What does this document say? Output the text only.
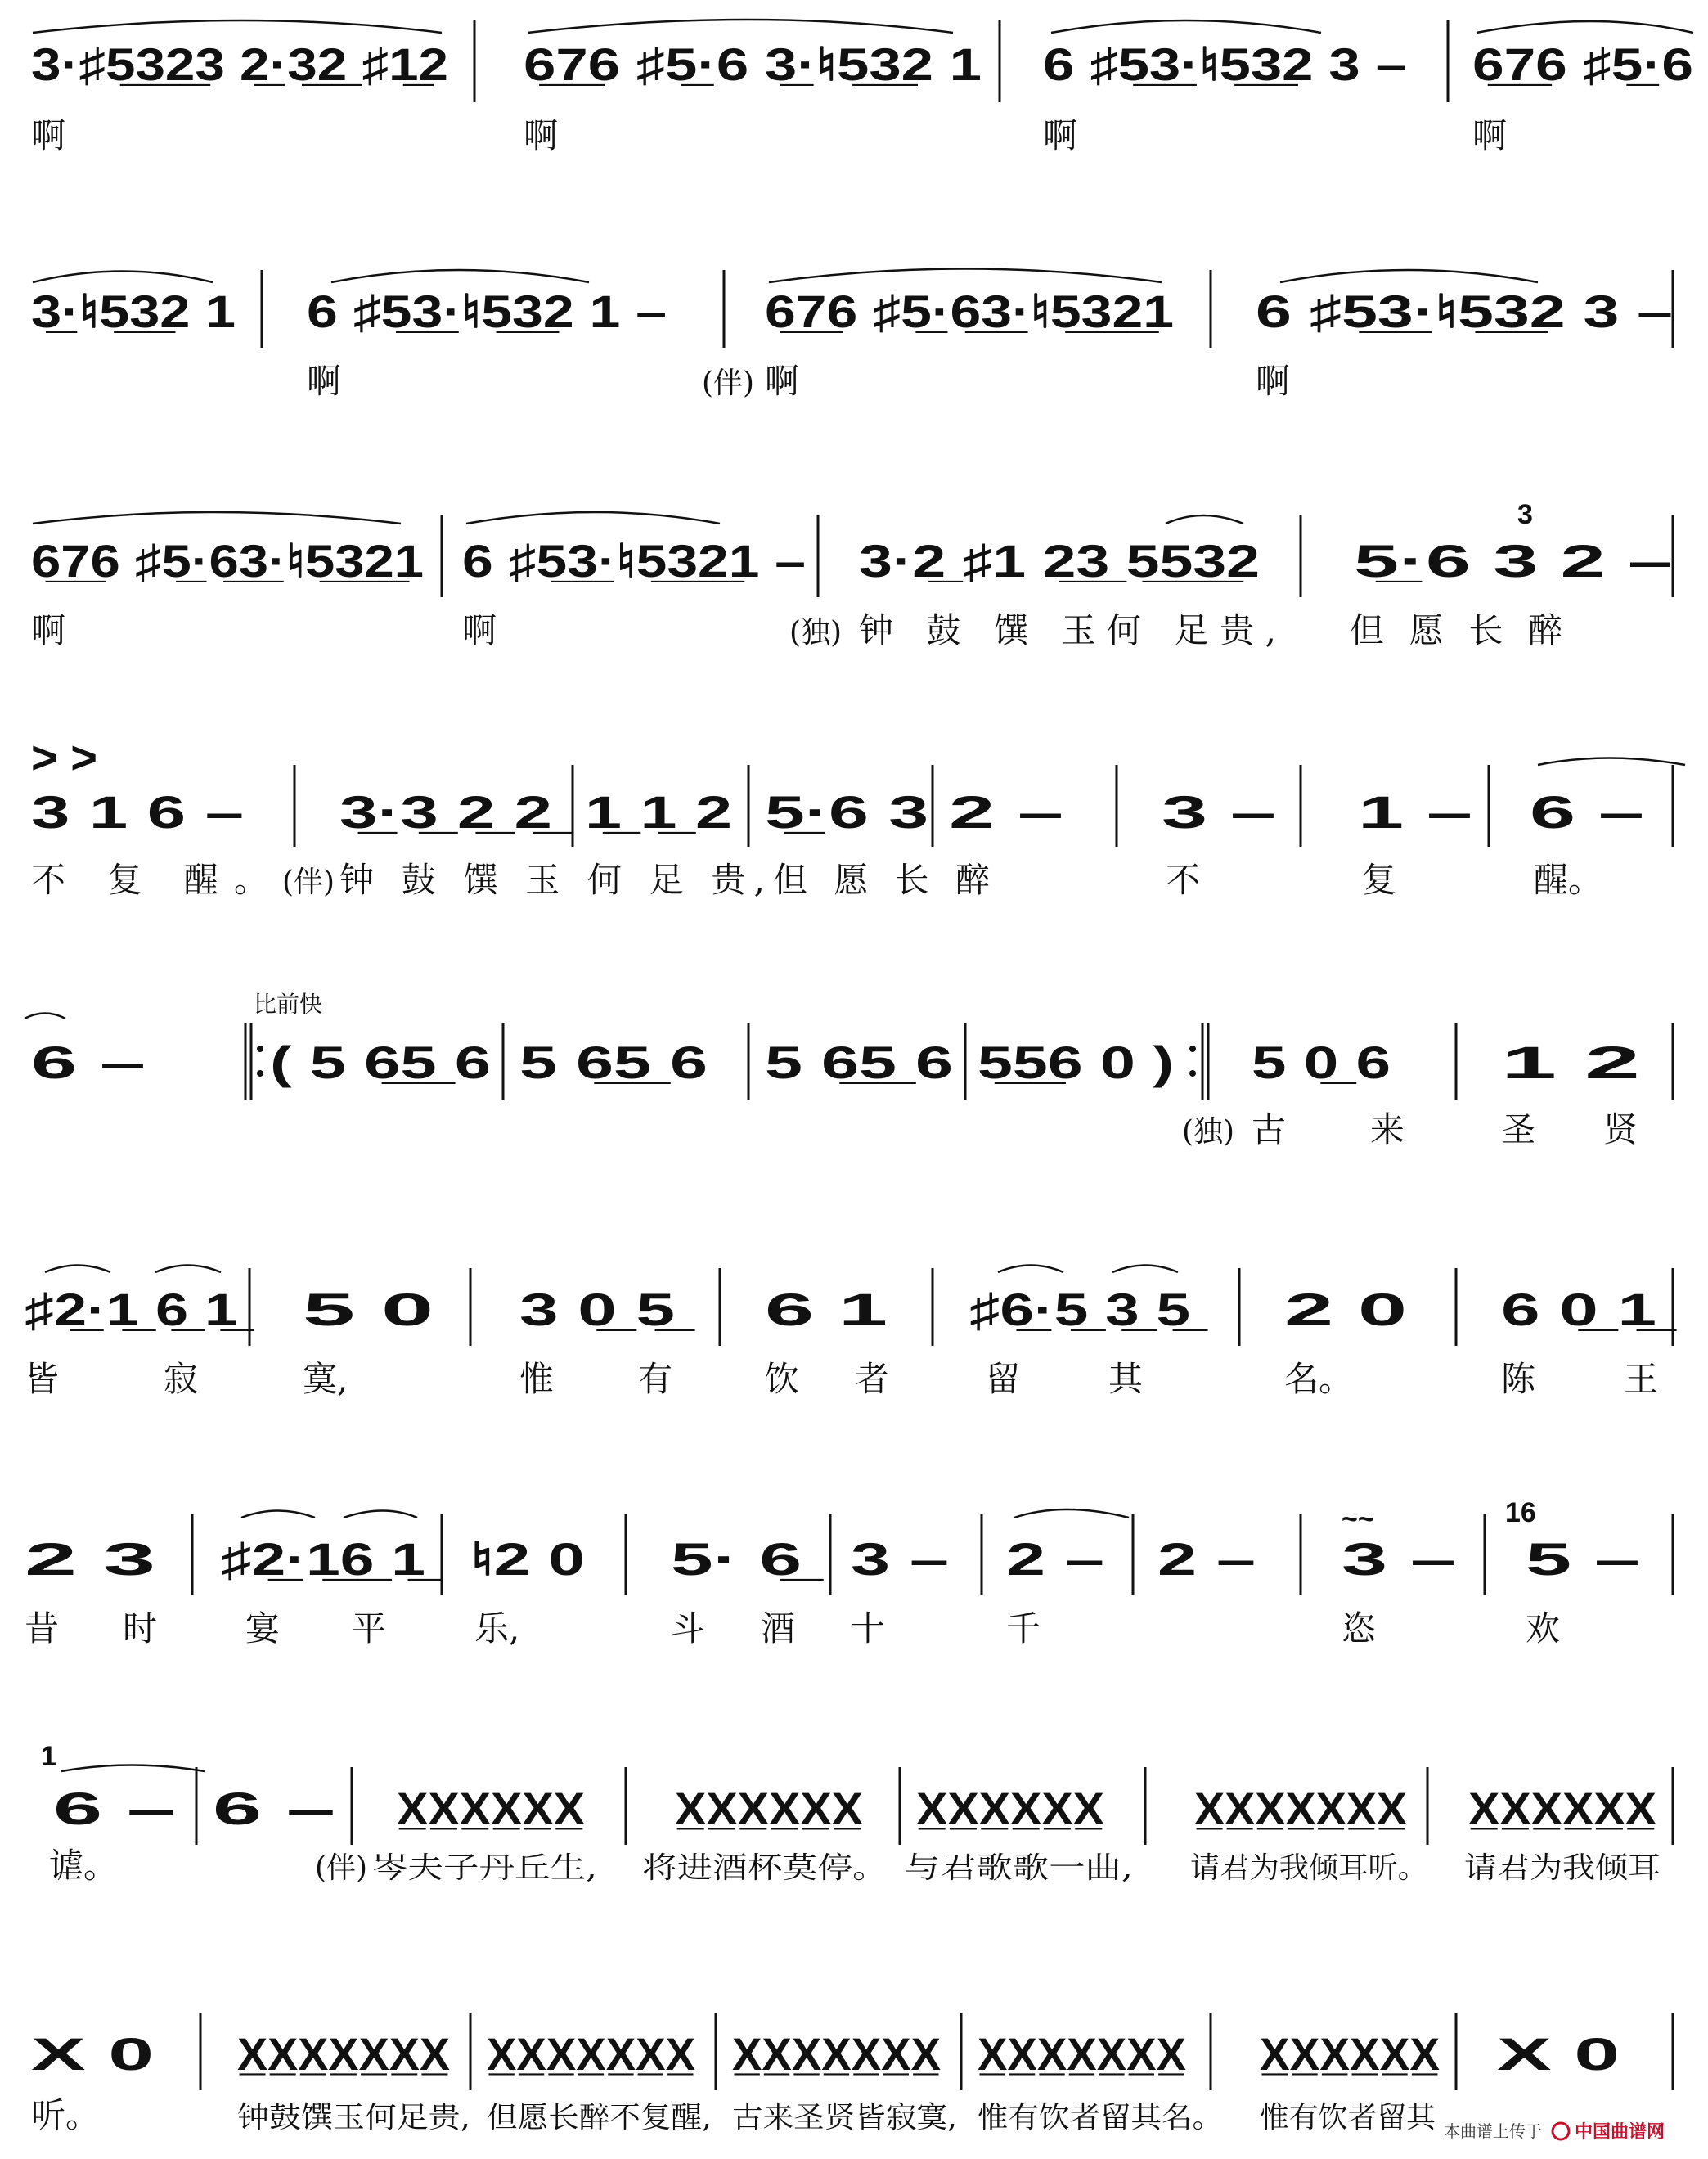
3·♯5̲3̲2̲3 2̲·3̲2̲ ♯1̲2 6̲7̲6 ♯5̲·6 3̲·♮5̲3̲2 1 6 ♯5̲3̲·♮5̲3̲2 3 – 6̲7̲6 ♯5̲·6
啊	啊	啊	啊
3̲·♮5̲3̲2 1 6 ♯5̲3̲·♮5̲3̲2 1 – 6̲7̲6 ♯5̲·6̲3̲·♮5̲3̲2̲1 6 ♯5̲3̲·♮5̲3̲2 3 –
啊	(伴) 啊	啊
6̲7̲6 ♯5̲·6̲3̲·♮5̲3̲2̲1 6 ♯5̲3̲·♮5̲3̲2̲1 – 3·2̲ ♯1 2̲3̲ 5̲5̲3̲2 5̲·6 3 2 –
3
啊	啊	(独) 钟 鼓 馔 玉何 足贵, 但 愿 长 醉
> >
3 1 6 – 3̲·3̲ 2̲ 2̲ 1̲ 1̲ 2 5̲·6 3 2 – 3 – 1 – 6 –
不 复 醒。 (伴) 钟 鼓 馔 玉 何 足 贵, 但 愿 长 醉	不	复	醒。
比前快
6 –	( 5 6̲5̲ 6 5 6̲5̲ 6 5 6̲5̲ 6 5̲5̲6 0 ) 5 0̲ 6 1 2
(独) 古 来	圣 贤
♯2̲·1̲ 6̲ 1̲ 5 0 3 0̲ 5̲ 6 1 ♯6̲·5̲ 3̲ 5̲ 2 0 6 0̲ 1̲
皆	寂	寞,	惟 有	饮 者	留	其	名。	陈	王
2 3 ♯2̲·1̲6̲ 1̲ ♮2 0 5· 6̲ 3 – 2 – 2 – 3 –
16
5 –
~~
昔 时	宴 平	乐,	斗 酒 十	千	恣	欢
1
6 – 6 – X̲X̲X̲X̲X̲X̲ X̲X̲X̲X̲X̲X̲ X̲X̲X̲X̲X̲X̲ X̲X̲X̲X̲X̲X̲X̲ X̲X̲X̲X̲X̲X̲
谑。	(伴) 岑夫子丹丘生, 将进酒杯莫停。 与君歌歌一曲, 请君为我倾耳听。 请君为我倾耳
X 0 X̲X̲X̲X̲X̲X̲X̲ X̲X̲X̲X̲X̲X̲X̲ X̲X̲X̲X̲X̲X̲X̲ X̲X̲X̲X̲X̲X̲X̲ X̲X̲X̲X̲X̲X̲ X 0
听。	钟鼓馔玉何足贵, 但愿长醉不复醒, 古来圣贤皆寂寞, 惟有饮者留其名。 惟有饮者留其 本曲谱上传于 中国曲谱网
